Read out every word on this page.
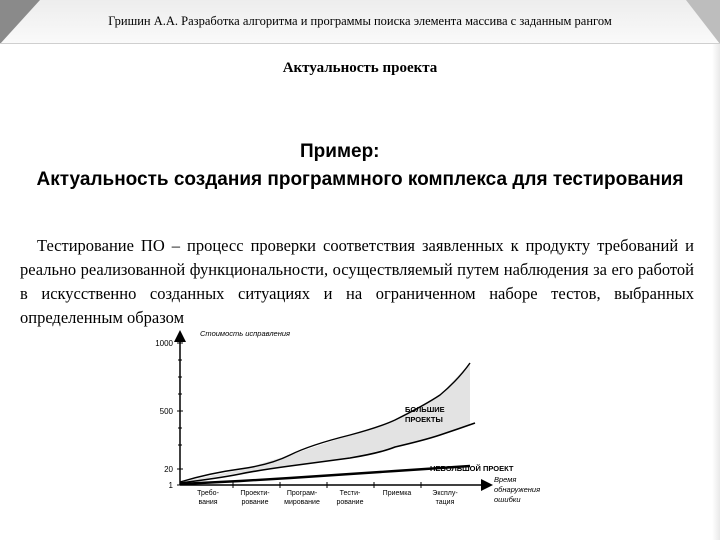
Гришин А.А. Разработка алгоритма и программы поиска элемента массива с заданным рангом
Актуальность проекта
Пример:
Актуальность создания программного комплекса для тестирования
Тестирование ПО – процесс проверки соответствия заявленных к продукту требований и реально реализованной функциональности, осуществляемый путем наблюдения за его работой в искусственно созданных ситуациях и на ограниченном наборе тестов, выбранных определенным образом
1000
500
20
1
Требо-вания
Проекти-рование
Програм-мирование
Тести-рование
Приемка	Эксплу-тация
Стоимость исправления
Время обнаружения ошибки
БОЛЬШИЕ ПРОЕКТЫ
НЕБОЛЬШОЙ ПРОЕКТ
